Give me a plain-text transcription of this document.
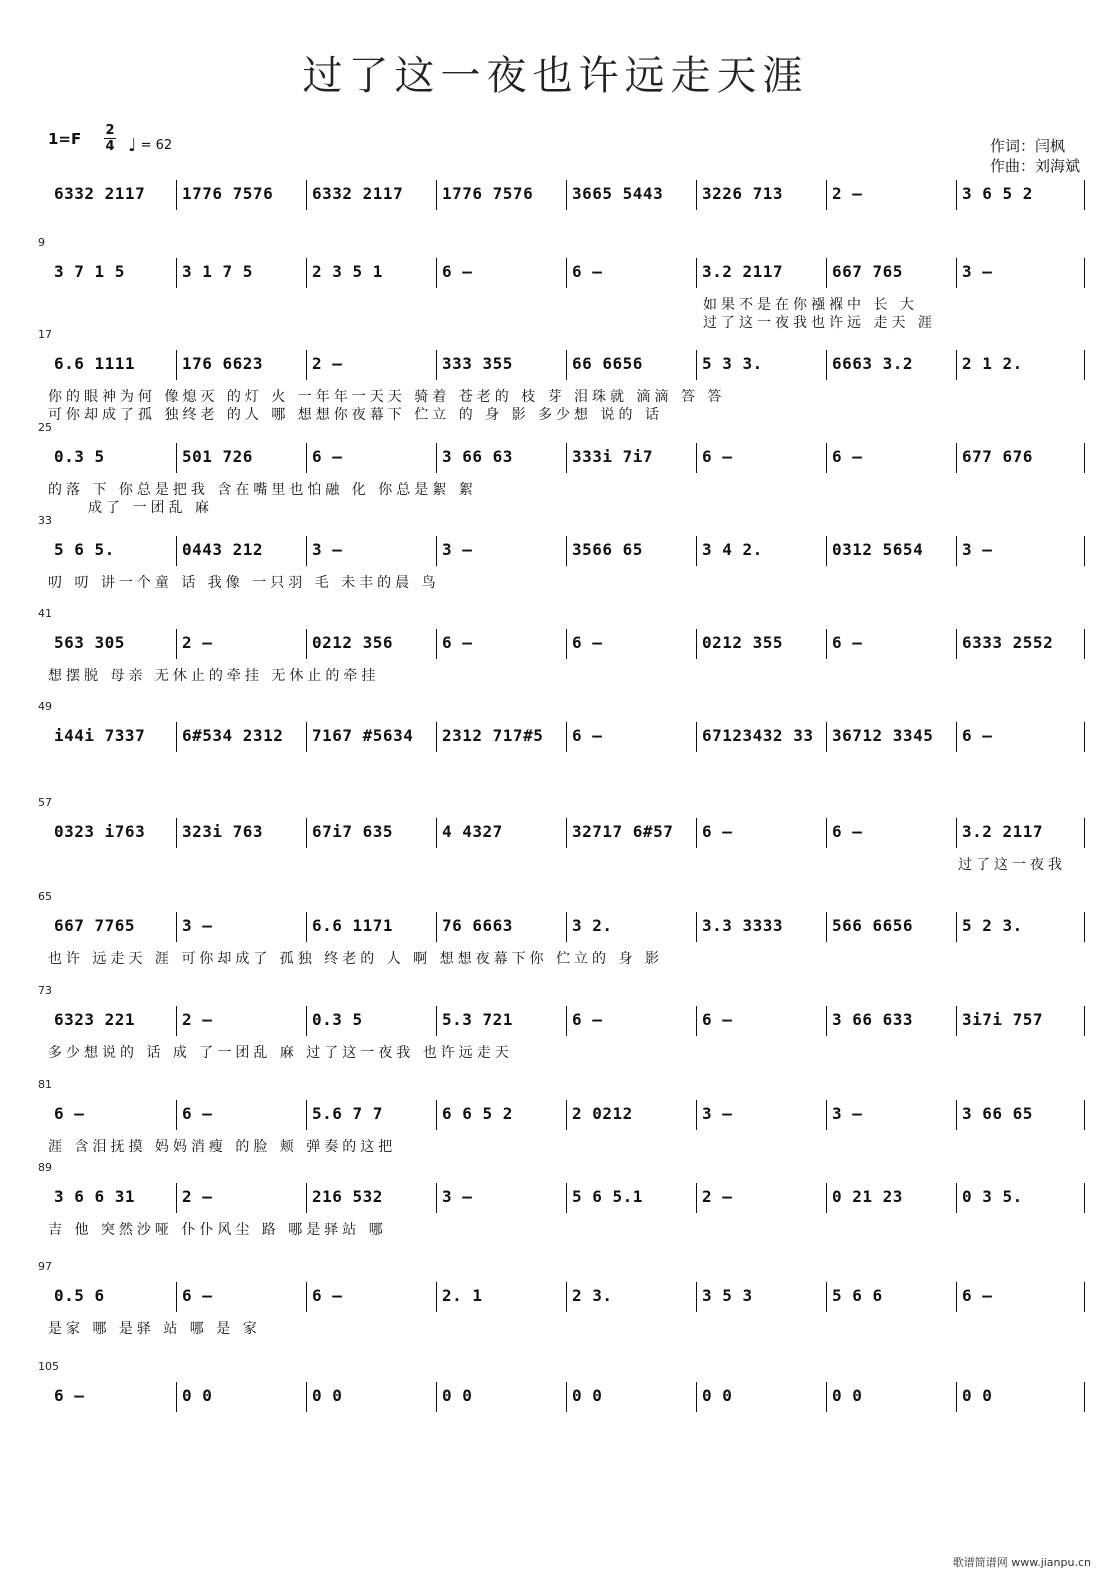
过了这一夜也许远走天涯
1=F 2
4 ♩ = 62	作词：闫枫
作曲：刘海斌
6332 2117	1776 7576	6332 2117	1776 7576	3665 5443	3226 713	2 –	3 6 5 2
9
3 7 1 5	3 1 7 5	2 3 5 1	6 –	6 –	3.2 2117	667 765	3 –
如果不是在你襁褓中 长 大
过了这一夜我也许远 走天 涯
17
6.6 1111	176 6623	2 –	333 355	66 6656	5 3 3.	6663 3.2	2 1 2.
你的眼神为何 像熄灭 的灯 火 一年年一天天 骑着 苍老的 枝 芽 泪珠就 滴滴 答 答
可你却成了孤 独终老 的人 哪 想想你夜幕下 伫立 的 身 影 多少想 说的 话
25
0.3 5	501 726	6 –	3 66 63	333i 7i7	6 –	6 –	677 676
的落 下 你总是把我 含在嘴里也怕融 化 你总是絮 絮
成了 一团乱 麻
33
5 6 5.	0443 212	3 –	3 –	3566 65	3 4 2.	0312 5654	3 –
叨 叨 讲一个童 话 我像 一只羽 毛 未丰的晨 鸟
41
563 305	2 –	0212 356	6 –	6 –	0212 355	6 –	6333 2552
想摆脱 母亲 无休止的牵挂 无休止的牵挂
49
i44i 7337	6#534 2312	7167 #5634	2312 717#5	6 –	67123432 33	36712 3345	6 –
57
0323 i763	323i 763	67i7 635	4 4327	32717 6#57	6 –	6 –	3.2 2117
过了这一夜我
65
667 7765	3 –	6.6 1171	76 6663	3 2.	3.3 3333	566 6656	5 2 3.
也许 远走天 涯 可你却成了 孤独 终老的 人 啊 想想夜幕下你 伫立的 身 影
73
6323 221	2 –	0.3 5	5.3 721	6 –	6 –	3 66 633	3i7i 757
多少想说的 话 成 了一团乱 麻 过了这一夜我 也许远走天
81
6 –	6 –	5.6 7 7	6 6 5 2	2 0212	3 –	3 –	3 66 65
涯 含泪抚摸 妈妈消瘦 的脸 颊 弹奏的这把
89
3 6 6 31	2 –	216 532	3 –	5 6 5.1	2 –	0 21 23	0 3 5.
吉 他 突然沙哑 仆仆风尘 路 哪是驿站 哪
97
0.5 6	6 –	6 –	2. 1	2 3.	3 5 3	5 6 6	6 –
是家 哪 是驿 站 哪 是 家
105
6 –	0 0	0 0	0 0	0 0	0 0	0 0	0 0
歌谱简谱网 www.jianpu.cn
